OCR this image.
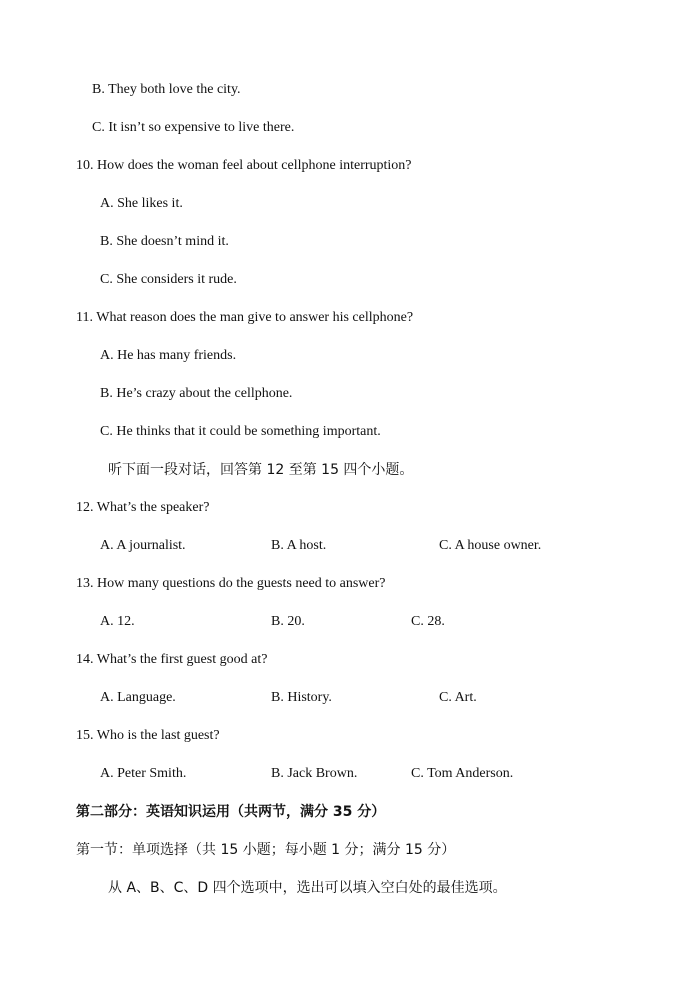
B. They both love the city.
C. It isn’t so expensive to live there.
10. How does the woman feel about cellphone interruption?
A. She likes it.
B. She doesn’t mind it.
C. She considers it rude.
11. What reason does the man give to answer his cellphone?
A. He has many friends.
B. He’s crazy about the cellphone.
C. He thinks that it could be something important.
听下面一段对话，回答第 12 至第 15 四个小题。
12. What’s the speaker?
A. A journalist.	B. A host.	C. A house owner.
13. How many questions do the guests need to answer?
A. 12.	B. 20.	C. 28.
14. What’s the first guest good at?
A. Language.	B. History.	C. Art.
15. Who is the last guest?
A. Peter Smith.	B. Jack Brown.	C. Tom Anderson.
第二部分：英语知识运用（共两节，满分 35 分）
第一节：单项选择（共 15 小题；每小题 1 分；满分 15 分）
从 A、B、C、D 四个选项中，选出可以填入空白处的最佳选项。
